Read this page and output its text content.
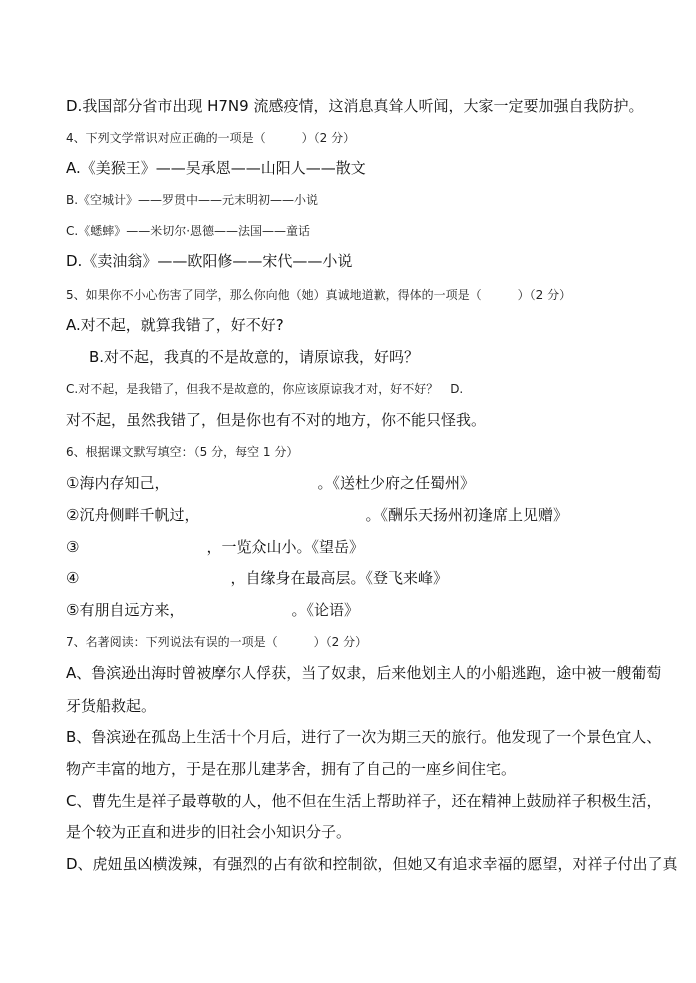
D.我国部分省市出现 H7N9 流感疫情，这消息真耸人听闻，大家一定要加强自我防护。
4、下列文学常识对应正确的一项是（　　　）（2 分）
A.《美猴王》——吴承恩——山阳人——散文
B.《空城计》——罗贯中——元末明初——小说
C.《蟋蟀》——米切尔·恩德——法国——童话
D.《卖油翁》——欧阳修——宋代——小说
5、如果你不小心伤害了同学，那么你向他（她）真诚地道歉，得体的一项是（　　　）（2 分）
A.对不起，就算我错了，好不好?
B.对不起，我真的不是故意的，请原谅我，好吗？
C.对不起，是我错了，但我不是故意的，你应该原谅我才对，好不好？　D.
对不起，虽然我错了，但是你也有不对的地方，你不能只怪我。
6、根据课文默写填空：（5 分，每空 1 分）
①海内存知己，	。《送杜少府之任蜀州》
②沉舟侧畔千帆过，	。《酬乐天扬州初逢席上见赠》
③	，一览众山小。《望岳》
④	，自缘身在最高层。《登飞来峰》
⑤有朋自远方来，	。《论语》
7、名著阅读：下列说法有误的一项是（　　　）（2 分）
A、鲁滨逊出海时曾被摩尔人俘获，当了奴隶，后来他划主人的小船逃跑，途中被一艘葡萄
牙货船救起。
B、鲁滨逊在孤岛上生活十个月后，进行了一次为期三天的旅行。他发现了一个景色宜人、
物产丰富的地方，于是在那儿建茅舍，拥有了自己的一座乡间住宅。
C、曹先生是祥子最尊敬的人，他不但在生活上帮助祥子，还在精神上鼓励祥子积极生活，
是个较为正直和进步的旧社会小知识分子。
D、虎妞虽凶横泼辣，有强烈的占有欲和控制欲，但她又有追求幸福的愿望，对祥子付出了真
